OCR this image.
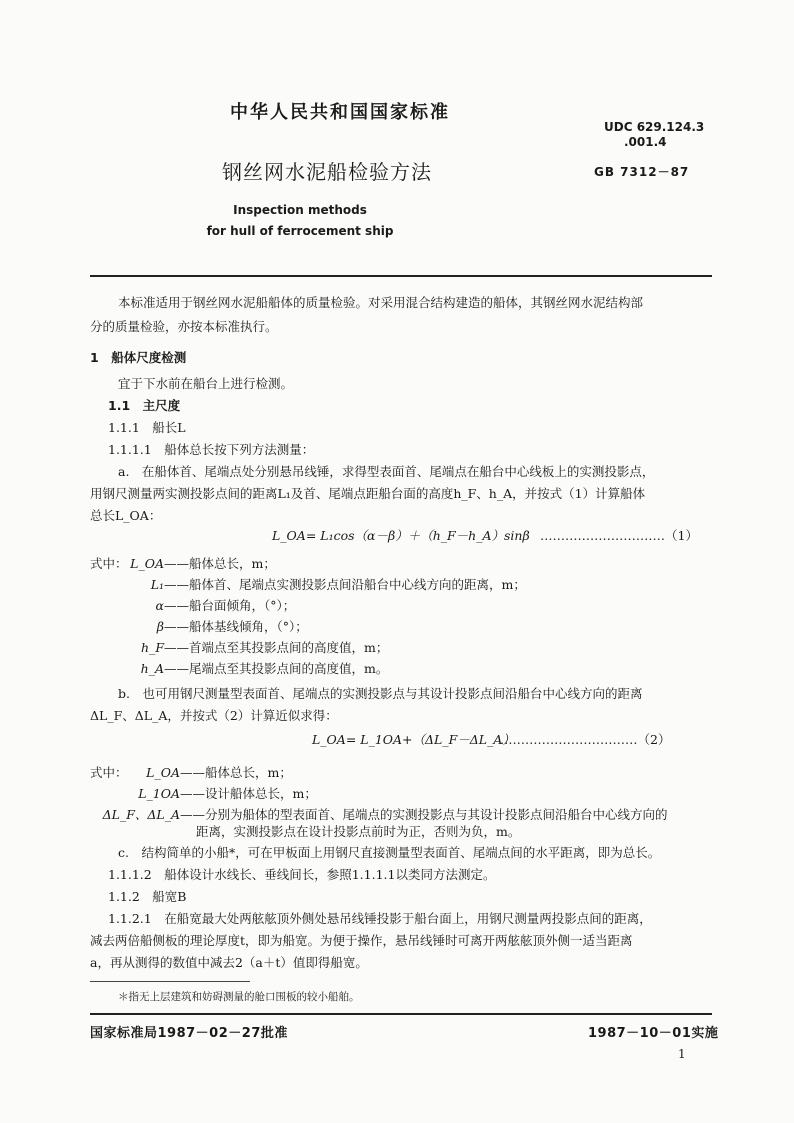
中华人民共和国国家标准
UDC 629.124.3
.001.4
钢丝网水泥船检验方法	GB 7312－87
Inspection methods
for hull of ferrocement ship
本标准适用于钢丝网水泥船船体的质量检验。对采用混合结构建造的船体，其钢丝网水泥结构部
分的质量检验，亦按本标准执行。
1　船体尺度检测
宜于下水前在船台上进行检测。
1.1　主尺度
1.1.1　船长L
1.1.1.1　船体总长按下列方法测量：
a.　在船体首、尾端点处分别悬吊线锤，求得型表面首、尾端点在船台中心线板上的实测投影点，
用钢尺测量两实测投影点间的距离L₁及首、尾端点距船台面的高度h_F、h_A，并按式（1）计算船体
总长L_OA：
L_OA= L₁cos（α－β）＋（h_F－h_A）sinβ …………………………（1）
式中： L_OA——船体总长，m；
L₁——船体首、尾端点实测投影点间沿船台中心线方向的距离，m；
α——船台面倾角，（°）；
β——船体基线倾角，（°）；
h_F——首端点至其投影点间的高度值，m；
h_A——尾端点至其投影点间的高度值，m。
b.　也可用钢尺测量型表面首、尾端点的实测投影点与其设计投影点间沿船台中心线方向的距离
ΔL_F、ΔL_A，并按式（2）计算近似求得：
L_OA= L_1OA+（ΔL_F－ΔL_A）
……………………………（2）
式中：	L_OA——船体总长，m；
L_1OA——设计船体总长，m；
ΔL_F、ΔL_A——分别为船体的型表面首、尾端点的实测投影点与其设计投影点间沿船台中心线方向的
距离，实测投影点在设计投影点前时为正，否则为负，m。
c.　结构简单的小船*，可在甲板面上用钢尺直接测量型表面首、尾端点间的水平距离，即为总长。
1.1.1.2　船体设计水线长、垂线间长，参照1.1.1.1以类同方法测定。
1.1.2　船宽B
1.1.2.1　在船宽最大处两舷舷顶外侧处悬吊线锤投影于船台面上，用钢尺测量两投影点间的距离，
减去两倍船侧板的理论厚度t，即为船宽。为便于操作，悬吊线锤时可离开两舷舷顶外侧一适当距离
a，再从测得的数值中减去2（a＋t）值即得船宽。
＊指无上层建筑和妨碍测量的舱口围板的较小船舶。
国家标准局1987－02－27批准	1987－10－01实施
1
